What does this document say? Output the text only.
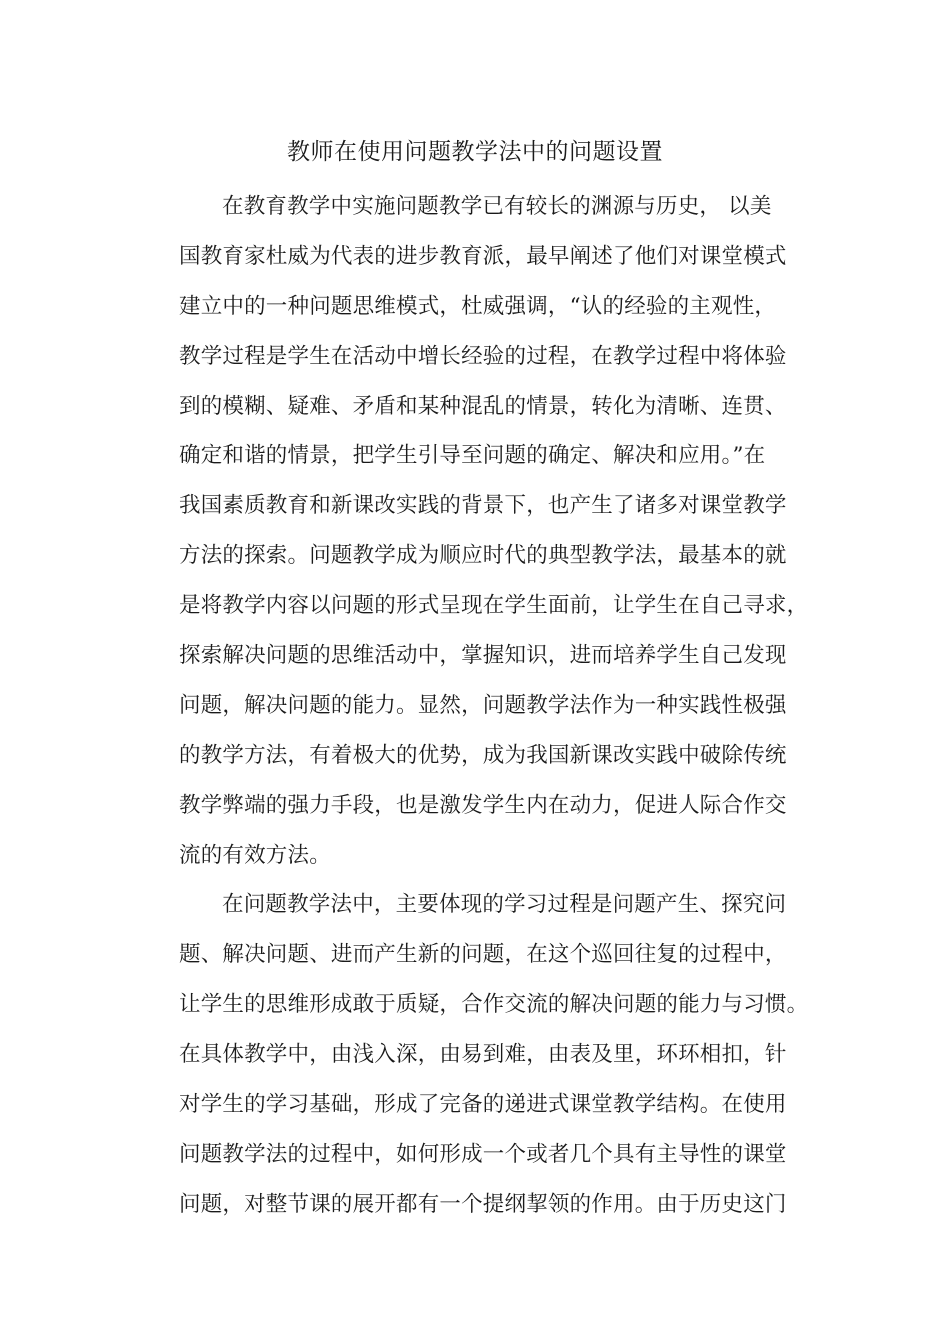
教师在使用问题教学法中的问题设置
在教育教学中实施问题教学已有较长的渊源与历史， 以美
国教育家杜威为代表的进步教育派，最早阐述了他们对课堂模式
建立中的一种问题思维模式，杜威强调，“认的经验的主观性，
教学过程是学生在活动中增长经验的过程，在教学过程中将体验
到的模糊、疑难、矛盾和某种混乱的情景，转化为清晰、连贯、
确定和谐的情景，把学生引导至问题的确定、解决和应用。”在
我国素质教育和新课改实践的背景下，也产生了诸多对课堂教学
方法的探索。问题教学成为顺应时代的典型教学法，最基本的就
是将教学内容以问题的形式呈现在学生面前，让学生在自己寻求，
探索解决问题的思维活动中，掌握知识，进而培养学生自己发现
问题，解决问题的能力。显然，问题教学法作为一种实践性极强
的教学方法，有着极大的优势，成为我国新课改实践中破除传统
教学弊端的强力手段，也是激发学生内在动力，促进人际合作交
流的有效方法。
在问题教学法中，主要体现的学习过程是问题产生、探究问
题、解决问题、进而产生新的问题，在这个巡回往复的过程中，
让学生的思维形成敢于质疑，合作交流的解决问题的能力与习惯。
在具体教学中，由浅入深，由易到难，由表及里，环环相扣，针
对学生的学习基础，形成了完备的递进式课堂教学结构。在使用
问题教学法的过程中，如何形成一个或者几个具有主导性的课堂
问题，对整节课的展开都有一个提纲挈领的作用。由于历史这门
